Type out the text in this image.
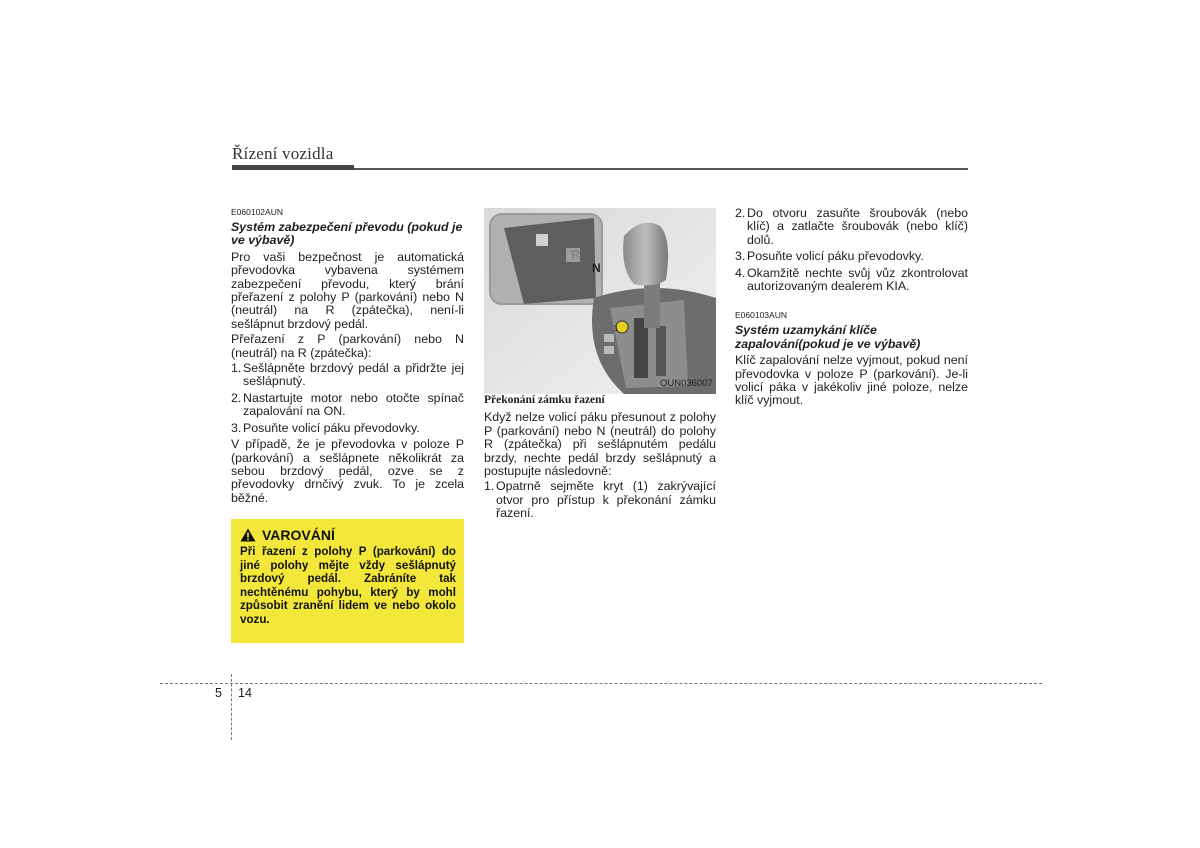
Řízení vozidla
E060102AUN
Systém zabezpečení převodu (pokud je ve výbavě)

Pro vaši bezpečnost je automatická převodovka vybavena systémem zabezpečení převodu, který brání přeřazení z polohy P (parkování) nebo N (neutrál) na R (zpátečka), není-li sešlápnut brzdový pedál.

Přeřazení z P (parkování) nebo N (neutrál) na R (zpátečka):

1. Sešlápněte brzdový pedál a přidržte jej sešlápnutý.
2. Nastartujte motor nebo otočte spínač zapalování na ON.
3. Posuňte volicí páku převodovky.

V případě, že je převodovka v poloze P (parkování) a sešlápnete několikrát za sebou brzdový pedál, ozve se z převodovky drnčivý zvuk. To je zcela běžné.

VAROVÁNÍ
Při řazení z polohy P (parkování) do jiné polohy mějte vždy sešlápnutý brzdový pedál. Zabráníte tak nechtěnému pohybu, který by mohl způsobit zranění lidem ve nebo okolo vozu.
N
1
OUN036007
Překonání zámku řazení

Když nelze volicí páku přesunout z polohy P (parkování) nebo N (neutrál) do polohy R (zpátečka) při sešlápnutém pedálu brzdy, nechte pedál brzdy sešlápnutý a postupujte následovně:

1. Opatrně sejměte kryt (1) zakrývající otvor pro přístup k překonání zámku řazení.
2. Do otvoru zasuňte šroubovák (nebo klíč) a zatlačte šroubovák (nebo klíč) dolů.
3. Posuňte volicí páku převodovky.
4. Okamžitě nechte svůj vůz zkontrolovat autorizovaným dealerem KIA.
E060103AUN
Systém uzamykání klíče zapalování(pokud je ve výbavě)

Klíč zapalování nelze vyjmout, pokud není převodovka v poloze P (parkování). Je-li volicí páka v jakékoliv jiné poloze, nelze klíč vyjmout.

5 14
